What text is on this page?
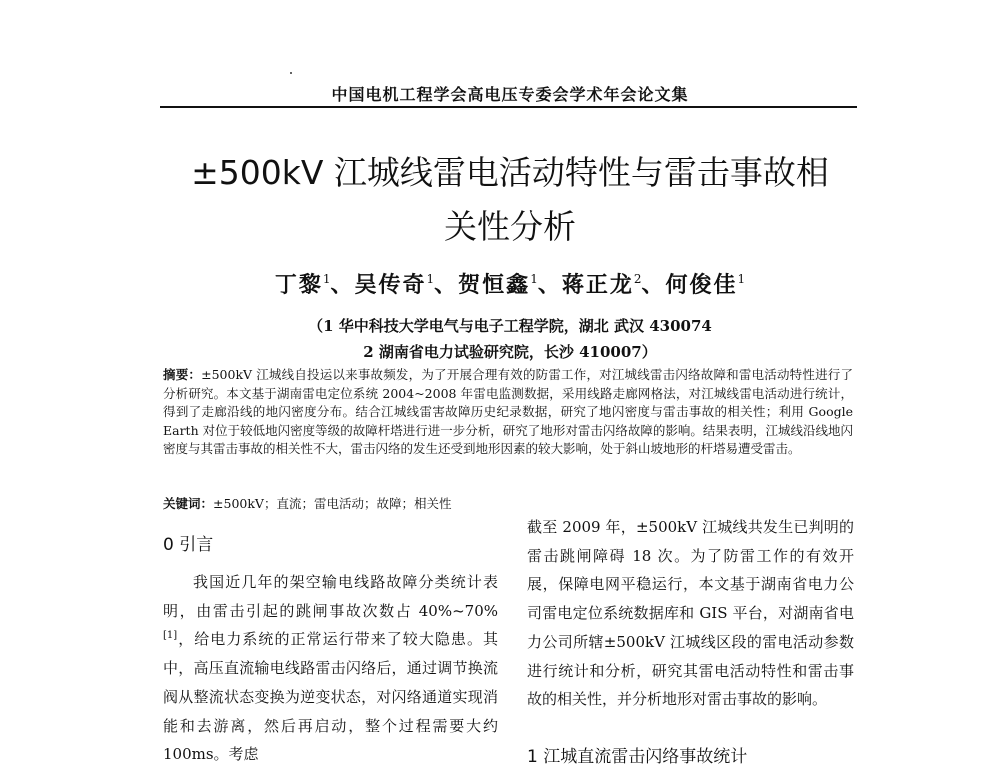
中国电机工程学会高电压专委会学术年会论文集
±500kV 江城线雷电活动特性与雷击事故相
关性分析
丁黎$^1$、吴传奇$^1$、贺恒鑫$^1$、蒋正龙$^2$、何俊佳$^1$
（1 华中科技大学电气与电子工程学院，湖北 武汉 430074
2 湖南省电力试验研究院，长沙 410007）

摘要：±500kV 江城线自投运以来事故频发，为了开展合理有效的防雷工作，对江城线雷击闪络故障和雷电活动特性进行了分析研究。本文基于湖南雷电定位系统 2004~2008 年雷电监测数据，采用线路走廊网格法，对江城线雷电活动进行统计，得到了走廊沿线的地闪密度分布。结合江城线雷害故障历史纪录数据，研究了地闪密度与雷击事故的相关性；利用 Google Earth 对位于较低地闪密度等级的故障杆塔进行进一步分析，研究了地形对雷击闪络故障的影响。结果表明，江城线沿线地闪密度与其雷击事故的相关性不大，雷击闪络的发生还受到地形因素的较大影响，处于斜山坡地形的杆塔易遭受雷击。

关键词：±500kV；直流；雷电活动；故障；相关性
0 引言

我国近几年的架空输电线路故障分类统计表明，由雷击引起的跳闸事故次数占 40%~70%[1]，给电力系统的正常运行带来了较大隐患。其中，高压直流输电线路雷击闪络后，通过调节换流阀从整流状态变换为逆变状态，对闪络通道实现消能和去游离，然后再启动，整个过程需要大约 100ms。考虑

截至 2009 年，±500kV 江城线共发生已判明的雷击跳闸障碍 18 次。为了防雷工作的有效开展，保障电网平稳运行，本文基于湖南省电力公司雷电定位系统数据库和 GIS 平台，对湖南省电力公司所辖±500kV 江城线区段的雷电活动参数进行统计和分析，研究其雷电活动特性和雷击事故的相关性，并分析地形对雷击事故的影响。

1 江城直流雷击闪络事故统计
